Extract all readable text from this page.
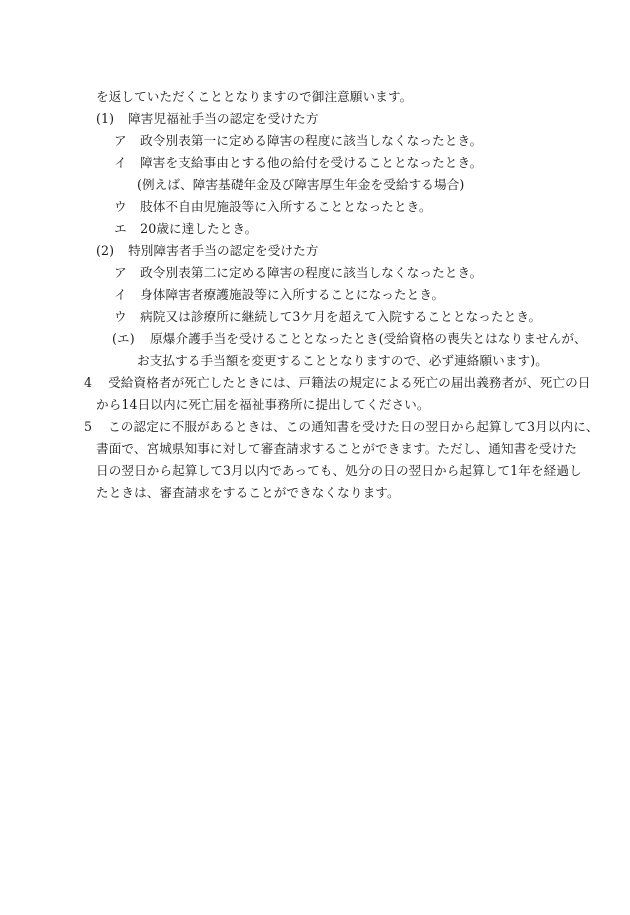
を返していただくこととなりますので御注意願います。
(1) 障害児福祉手当の認定を受けた方
ア 政令別表第一に定める障害の程度に該当しなくなったとき。
イ 障害を支給事由とする他の給付を受けることとなったとき。
(例えば、障害基礎年金及び障害厚生年金を受給する場合)
ウ 肢体不自由児施設等に入所することとなったとき。
エ 20歳に達したとき。
(2) 特別障害者手当の認定を受けた方
ア 政令別表第二に定める障害の程度に該当しなくなったとき。
イ 身体障害者療護施設等に入所することになったとき。
ウ 病院又は診療所に継続して3ケ月を超えて入院することとなったとき。
(エ) 原爆介護手当を受けることとなったとき(受給資格の喪失とはなりませんが、
お支払する手当額を変更することとなりますので、必ず連絡願います)。
4 受給資格者が死亡したときには、戸籍法の規定による死亡の届出義務者が、死亡の日
から14日以内に死亡届を福祉事務所に提出してください。
5 この認定に不服があるときは、この通知書を受けた日の翌日から起算して3月以内に、
書面で、宮城県知事に対して審査請求することができます。ただし、通知書を受けた
日の翌日から起算して3月以内であっても、処分の日の翌日から起算して1年を経過し
たときは、審査請求をすることができなくなります。
